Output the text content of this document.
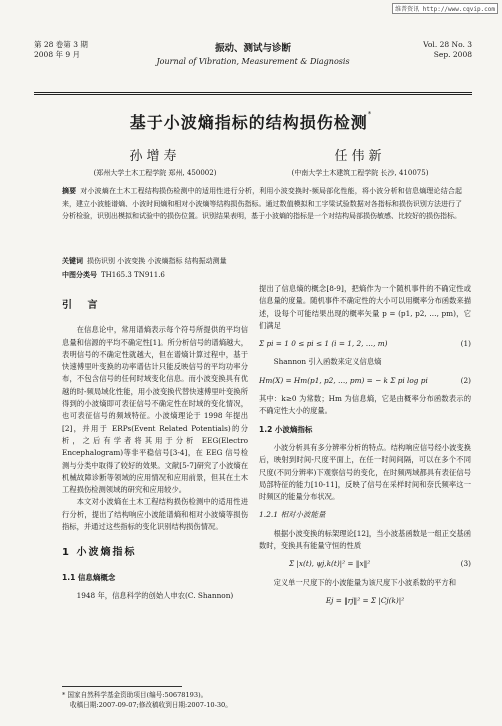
维普资讯 http://www.cqvip.com
第 28 卷第 3 期
2008 年 9 月
振动、测试与诊断
Journal of Vibration, Measurement & Diagnosis
Vol. 28 No. 3
Sep. 2008
基于小波熵指标的结构损伤检测*
孙增寿
(郑州大学土木工程学院 郑州, 450002)
任伟新
(中南大学土木建筑工程学院 长沙, 410075)
摘要 对小波熵在土木工程结构损伤检测中的适用性进行分析，利用小波变换时-频局部化性能，将小波分析和信息熵理论结合起来，建立小波能谱熵、小波时间熵和相对小波熵等结构损伤指标。通过数值模拟和工字梁试验数据对各指标和损伤识别方法进行了分析检验，识别出模拟和试验中的损伤位置。识别结果表明，基于小波熵的指标是一个对结构局部损伤敏感、比较好的损伤指标。
关键词 损伤识别 小波变换 小波熵指标 结构振动测量
中图分类号 TH165.3 TN911.6
引 言

在信息论中，常用谱熵表示每个符号所提供的平均信息量和信源的平均不确定性[1]。所分析信号的谱熵越大，表明信号的不确定性就越大，但在谱熵计算过程中，基于快速傅里叶变换的功率谱估计只能反映信号的平均功率分布，不包含信号的任何时域变化信息。而小波变换具有优越的时-频局域化性能，用小波变换代替快速傅里叶变换所得到的小波熵即可表征信号不确定性在时域的变化情况，也可表征信号的频域特征。小波熵理论于 1998 年提出[2]，并用于 ERPs(Event Related Potentials)的分析，之后有学者将其用于分析 EEG(Electro Encephalogram)等非平稳信号[3-4]，在 EEG 信号检测与分类中取得了较好的效果。文献[5-7]研究了小波熵在机械故障诊断等领域的应用情况和应用前景，但其在土木工程损伤检测领域的研究和应用较少。

本文对小波熵在土木工程结构损伤检测中的适用性进行分析，提出了结构响应小波能谱熵和相对小波熵等损伤指标，并通过这些指标的变化识别结构损伤情况。

1 小波熵指标
1.1 信息熵概念

1948 年，信息科学的创始人申农(C. Shannon)

提出了信息熵的概念[8-9]，把熵作为一个随机事件的不确定性或信息量的度量。随机事件不确定性的大小可以用概率分布函数来描述，设每个可能结果出现的概率矢量 p = (p1, p2, …, pm)，它们满足

Σ pi = 1 0 ≤ pi ≤ 1 (i = 1, 2, …, m)	(1)

Shannon 引入函数来定义信息熵

Hm(X) = Hm(p1, p2, …, pm) = − k Σ pi log pi	(2)

其中：k≥0 为常数；Hm 为信息熵，它是由概率分布函数表示的不确定性大小的度量。

1.2 小波熵指标

小波分析具有多分辨率分析的特点。结构响应信号经小波变换后，映射到时间-尺度平面上，在任一时间间隔，可以在多个不同尺度(不同分辨率)下观察信号的变化，在时频两域都具有表征信号局部特征的能力[10-11]，反映了信号在采样时间和奈氏频率这一时频区的能量分布状况。

1.2.1 相对小波能量

根据小波变换的标架理论[12]，当小波基函数是一组正交基函数时，变换具有能量守恒的性质

Σ |x(t), ψj,k(t)|² = ‖x‖²	(3)

定义单一尺度下的小波能量为该尺度下小波系数的平方和

Ej = ‖rj‖² = Σ |Cj(k)|²
* 国家自然科学基金资助项目(编号:50678193)。
收稿日期:2007-09-07;修改稿收到日期:2007-10-30。
